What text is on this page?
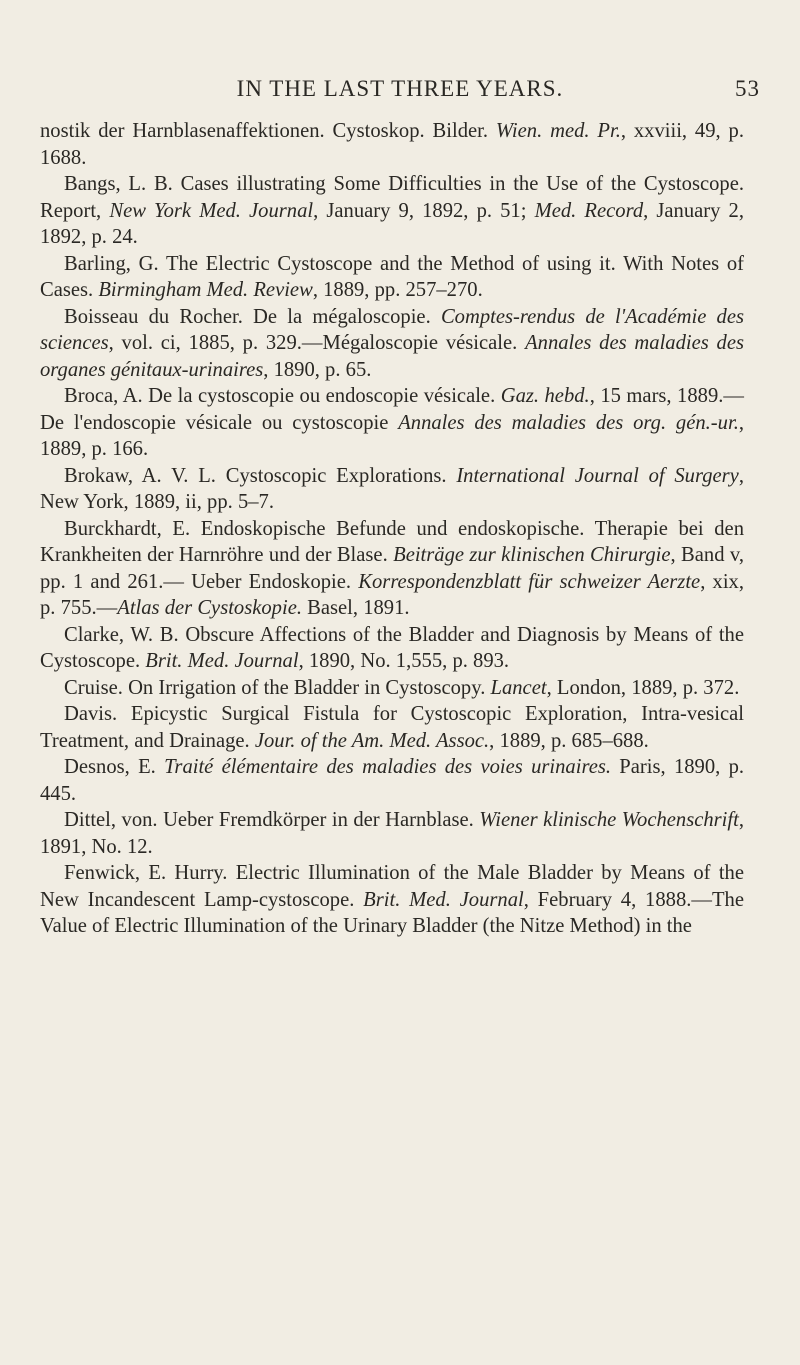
IN THE LAST THREE YEARS.	53

nostik der Harnblasenaffektionen. Cystoskop. Bilder. Wien. med. Pr., xxviii, 49, p. 1688.

Bangs, L. B. Cases illustrating Some Difficulties in the Use of the Cystoscope. Report, New York Med. Journal, January 9, 1892, p. 51; Med. Record, January 2, 1892, p. 24.

Barling, G. The Electric Cystoscope and the Method of using it. With Notes of Cases. Birmingham Med. Review, 1889, pp. 257–270.

Boisseau du Rocher. De la mégaloscopie. Comptes-rendus de l'Académie des sciences, vol. ci, 1885, p. 329.—Mégaloscopie vésicale. Annales des maladies des organes génitaux-urinaires, 1890, p. 65.

Broca, A. De la cystoscopie ou endoscopie vésicale. Gaz. hebd., 15 mars, 1889.—De l'endoscopie vésicale ou cystoscopie Annales des maladies des org. gén.-ur., 1889, p. 166.

Brokaw, A. V. L. Cystoscopic Explorations. International Journal of Surgery, New York, 1889, ii, pp. 5–7.

Burckhardt, E. Endoskopische Befunde und endoskopische. Therapie bei den Krankheiten der Harnröhre und der Blase. Beiträge zur klinischen Chirurgie, Band v, pp. 1 and 261.— Ueber Endoskopie. Korrespondenzblatt für schweizer Aerzte, xix, p. 755.—Atlas der Cystoskopie. Basel, 1891.

Clarke, W. B. Obscure Affections of the Bladder and Diagnosis by Means of the Cystoscope. Brit. Med. Journal, 1890, No. 1,555, p. 893.

Cruise. On Irrigation of the Bladder in Cystoscopy. Lancet, London, 1889, p. 372.

Davis. Epicystic Surgical Fistula for Cystoscopic Exploration, Intra-vesical Treatment, and Drainage. Jour. of the Am. Med. Assoc., 1889, p. 685–688.

Desnos, E. Traité élémentaire des maladies des voies urinaires. Paris, 1890, p. 445.

Dittel, von. Ueber Fremdkörper in der Harnblase. Wiener klinische Wochenschrift, 1891, No. 12.

Fenwick, E. Hurry. Electric Illumination of the Male Bladder by Means of the New Incandescent Lamp-cystoscope. Brit. Med. Journal, February 4, 1888.—The Value of Electric Illumination of the Urinary Bladder (the Nitze Method) in the
